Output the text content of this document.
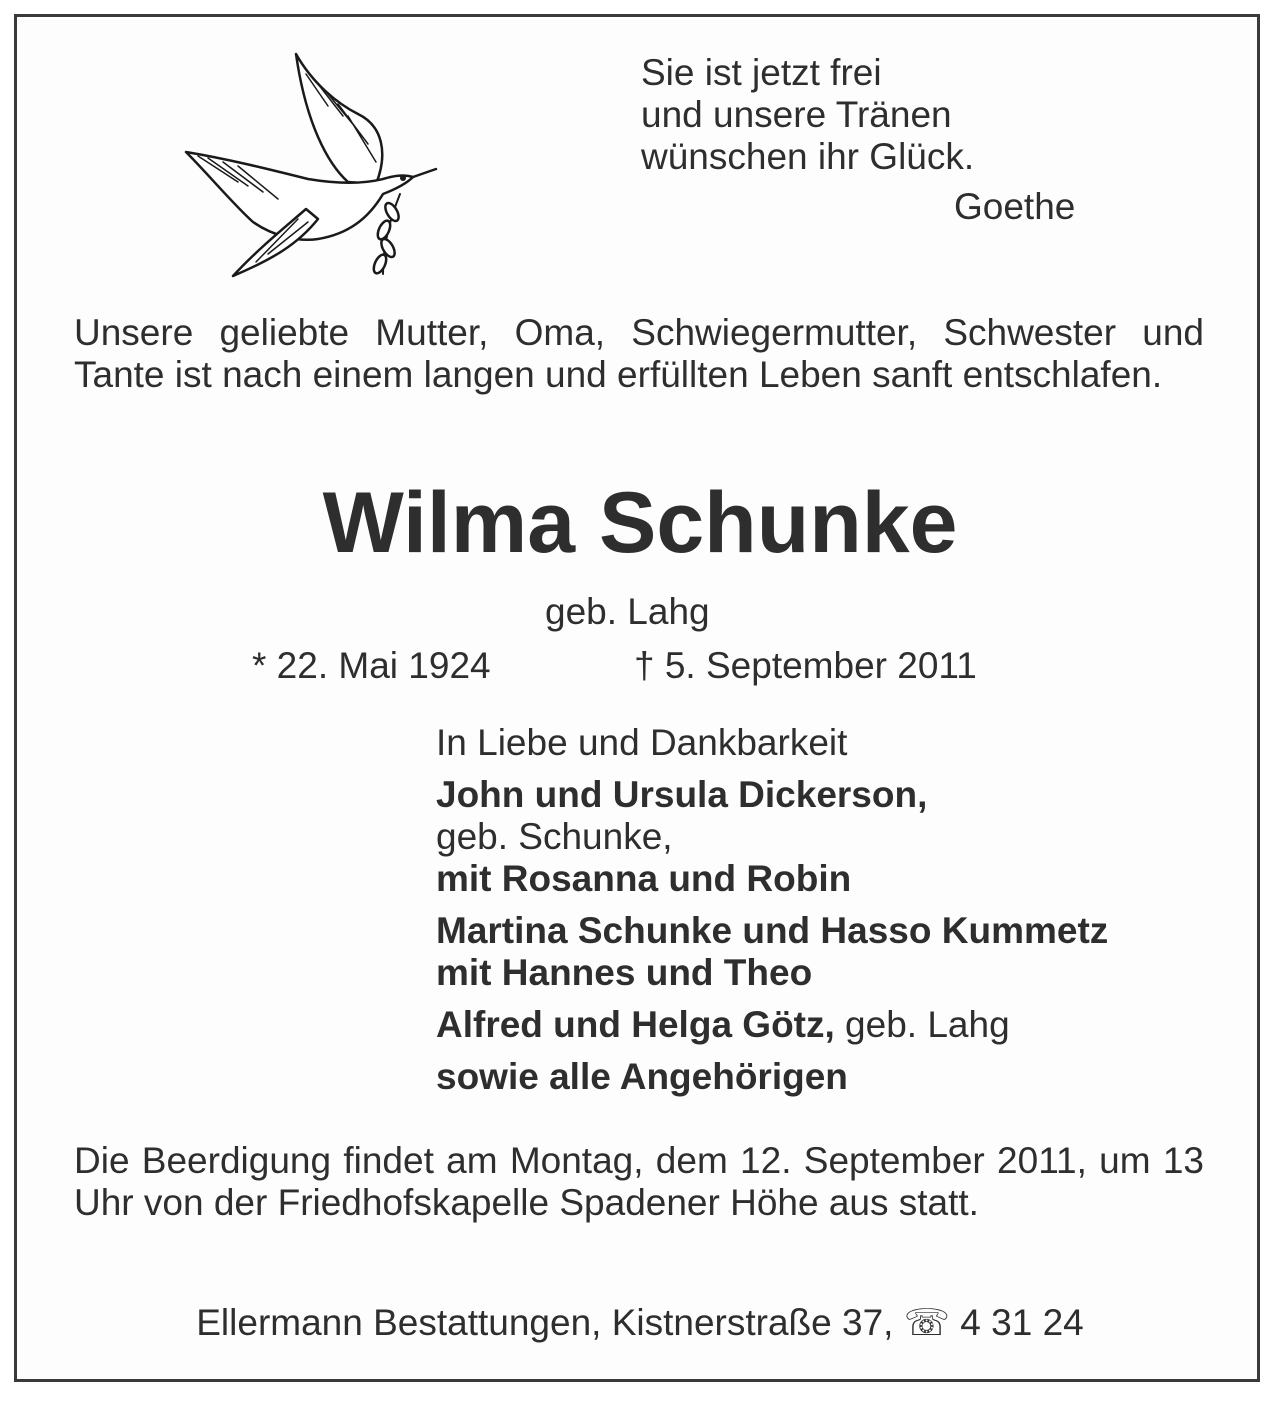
Sie ist jetzt frei
und unsere Tränen
wünschen ihr Glück.
Goethe
Unsere geliebte Mutter, Oma, Schwiegermutter, Schwester und Tante ist nach einem langen und erfüllten Leben sanft entschlafen.
Wilma Schunke
geb. Lahg
* 22. Mai 1924	† 5. September 2011
In Liebe und Dankbarkeit
John und Ursula Dickerson,
geb. Schunke,
mit Rosanna und Robin
Martina Schunke und Hasso Kummetz
mit Hannes und Theo
Alfred und Helga Götz, geb. Lahg
sowie alle Angehörigen
Die Beerdigung findet am Montag, dem 12. September 2011, um 13 Uhr von der Friedhofskapelle Spadener Höhe aus statt.
Ellermann Bestattungen, Kistnerstraße 37, ☏ 4 31 24
